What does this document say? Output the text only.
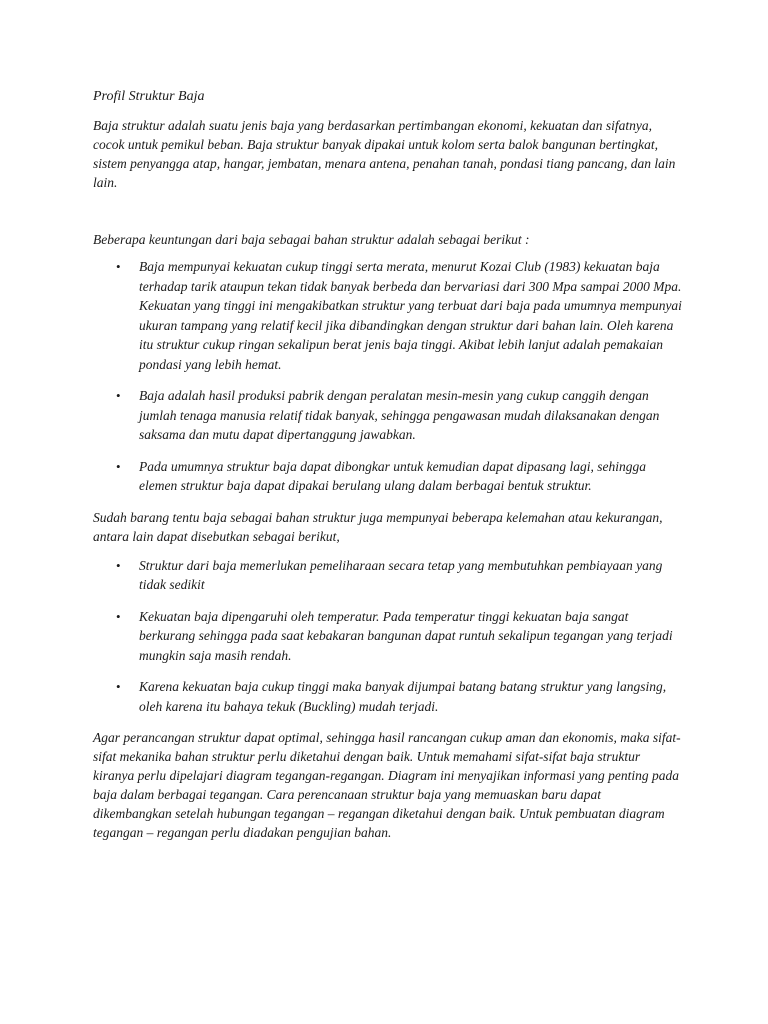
Profil Struktur Baja

Baja struktur adalah suatu jenis baja yang berdasarkan pertimbangan ekonomi, kekuatan dan sifatnya, cocok untuk pemikul beban. Baja struktur banyak dipakai untuk kolom serta balok bangunan bertingkat, sistem penyangga atap, hangar, jembatan, menara antena, penahan tanah, pondasi tiang pancang, dan lain lain.

Beberapa keuntungan dari baja sebagai bahan struktur adalah sebagai berikut :

• Baja mempunyai kekuatan cukup tinggi serta merata, menurut Kozai Club (1983) kekuatan baja terhadap tarik ataupun tekan tidak banyak berbeda dan bervariasi dari 300 Mpa sampai 2000 Mpa. Kekuatan yang tinggi ini mengakibatkan struktur yang terbuat dari baja pada umumnya mempunyai ukuran tampang yang relatif kecil jika dibandingkan dengan struktur dari bahan lain. Oleh karena itu struktur cukup ringan sekalipun berat jenis baja tinggi. Akibat lebih lanjut adalah pemakaian pondasi yang lebih hemat.
• Baja adalah hasil produksi pabrik dengan peralatan mesin-mesin yang cukup canggih dengan jumlah tenaga manusia relatif tidak banyak, sehingga pengawasan mudah dilaksanakan dengan saksama dan mutu dapat dipertanggung jawabkan.
• Pada umumnya struktur baja dapat dibongkar untuk kemudian dapat dipasang lagi, sehingga elemen struktur baja dapat dipakai berulang ulang dalam berbagai bentuk struktur.

Sudah barang tentu baja sebagai bahan struktur juga mempunyai beberapa kelemahan atau kekurangan, antara lain dapat disebutkan sebagai berikut,

• Struktur dari baja memerlukan pemeliharaan secara tetap yang membutuhkan pembiayaan yang tidak sedikit
• Kekuatan baja dipengaruhi oleh temperatur. Pada temperatur tinggi kekuatan baja sangat berkurang sehingga pada saat kebakaran bangunan dapat runtuh sekalipun tegangan yang terjadi mungkin saja masih rendah.
• Karena kekuatan baja cukup tinggi maka banyak dijumpai batang batang struktur yang langsing, oleh karena itu bahaya tekuk (Buckling) mudah terjadi.

Agar perancangan struktur dapat optimal, sehingga hasil rancangan cukup aman dan ekonomis, maka sifat-sifat mekanika bahan struktur perlu diketahui dengan baik. Untuk memahami sifat-sifat baja struktur kiranya perlu dipelajari diagram tegangan-regangan. Diagram ini menyajikan informasi yang penting pada baja dalam berbagai tegangan. Cara perencanaan struktur baja yang memuaskan baru dapat dikembangkan setelah hubungan tegangan – regangan diketahui dengan baik. Untuk pembuatan diagram tegangan – regangan perlu diadakan pengujian bahan.
